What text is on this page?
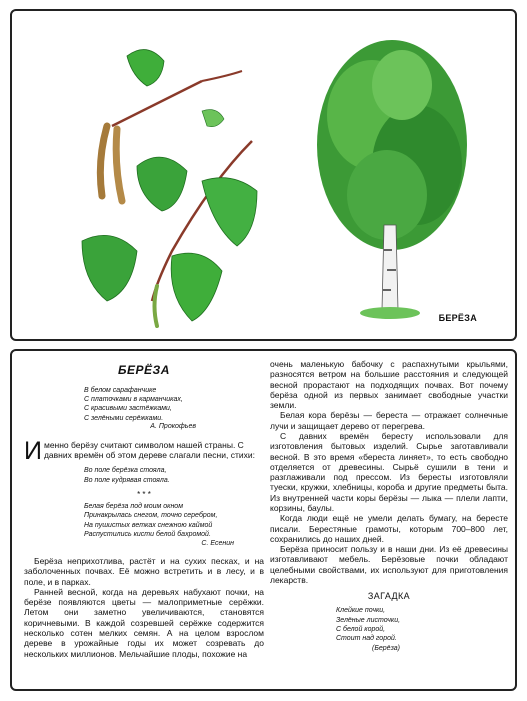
БЕРЁЗА
БЕРЁЗА
В белом сарафанчике
С платочками в карманчиках,
С красивыми застёжками,
С зелёными серёжками.
А. Прокофьев
Именно берёзу считают символом нашей страны. С давних времён об этом дереве слагали песни, стихи:
Во поле берёзка стояла,
Во поле кудрявая стояла.
* * *
Белая берёза под моим окном
Принакрылась снегом, точно серебром,
На пушистых ветках снежною каймой
Распустились кисти белой бахромой.
С. Есенин

Берёза неприхотлива, растёт и на сухих песках, и на заболоченных почвах. Её можно встретить и в лесу, и в поле, и в парках.

Ранней весной, когда на деревьях набухают почки, на берёзе появляются цветы — малоприметные серёжки. Летом они заметно увеличиваются, становятся коричневыми. В каждой созревшей серёжке содержится несколько сотен мелких семян. А на целом взрослом дереве в урожайные годы их может созревать до нескольких миллионов. Мельчайшие плоды, похожие на

очень маленькую бабочку с распахнутыми крыльями, разносятся ветром на большие расстояния и следующей весной прорастают на подходящих почвах. Вот почему берёза одной из первых занимает свободные участки земли.

Белая кора берёзы — береста — отражает солнечные лучи и защищает дерево от перегрева.

С давних времён бересту использовали для изготовления бытовых изделий. Сырье заготавливали весной. В это время «береста линяет», то есть свободно отделяется от древесины. Сырьё сушили в тени и разглаживали под прессом. Из бересты изготовляли туески, кружки, хлебницы, короба и другие предметы быта. Из внутренней части коры берёзы — лыка — плели лапти, корзины, баулы.

Когда люди ещё не умели делать бумагу, на бересте писали. Берестяные грамоты, которым 700–800 лет, сохранились до наших дней.

Берёза приносит пользу и в наши дни. Из её древесины изготавливают мебель. Берёзовые почки обладают целебными свойствами, их используют для приготовления лекарств.

ЗАГАДКА
Клейкие почки,
Зелёные листочки,
С белой корой,
Стоит над горой.
(Берёза)
